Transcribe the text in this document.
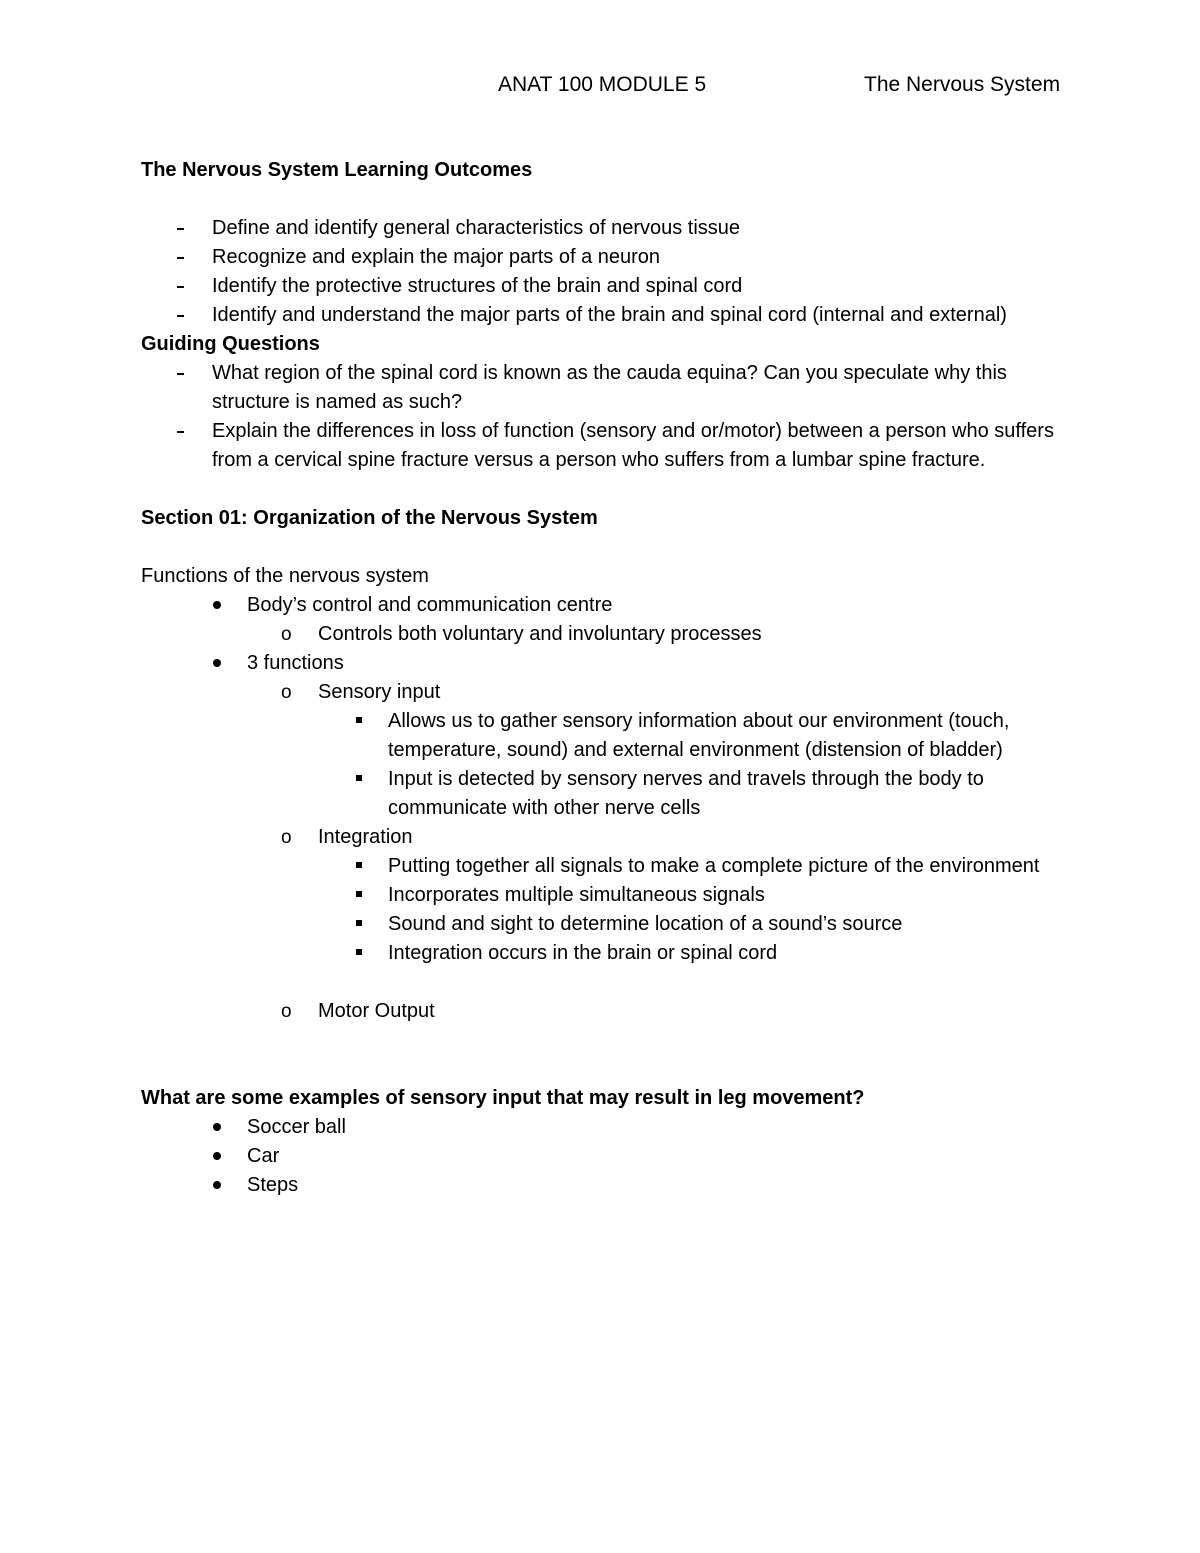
ANAT 100 MODULE 5	The Nervous System
The Nervous System Learning Outcomes
Define and identify general characteristics of nervous tissue
Recognize and explain the major parts of a neuron
Identify the protective structures of the brain and spinal cord
Identify and understand the major parts of the brain and spinal cord (internal and external)
Guiding Questions
What region of the spinal cord is known as the cauda equina? Can you speculate why this structure is named as such?
Explain the differences in loss of function (sensory and or/motor) between a person who suffers from a cervical spine fracture versus a person who suffers from a lumbar spine fracture.
Section 01: Organization of the Nervous System
Functions of the nervous system
Body’s control and communication centre
o	Controls both voluntary and involuntary processes
3 functions
o	Sensory input
Allows us to gather sensory information about our environment (touch, temperature, sound) and external environment (distension of bladder)
Input is detected by sensory nerves and travels through the body to communicate with other nerve cells
o	Integration
Putting together all signals to make a complete picture of the environment
Incorporates multiple simultaneous signals
Sound and sight to determine location of a sound’s source
Integration occurs in the brain or spinal cord
o	Motor Output
What are some examples of sensory input that may result in leg movement?
Soccer ball
Car
Steps
